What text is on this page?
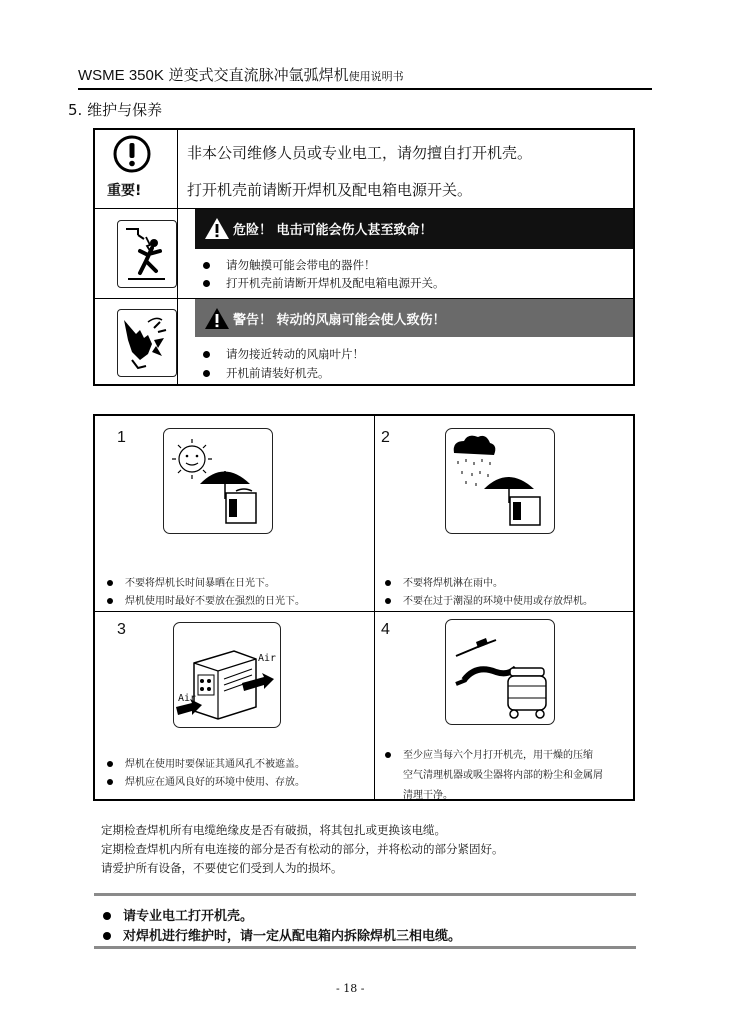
WSME 350K 逆变式交直流脉冲氩弧焊机使用说明书
5. 维护与保养
重要!
非本公司维修人员或专业电工，请勿擅自打开机壳。
打开机壳前请断开焊机及配电箱电源开关。
危险！ 电击可能会伤人甚至致命！
请勿触摸可能会带电的器件！
打开机壳前请断开焊机及配电箱电源开关。
警告！ 转动的风扇可能会使人致伤！
请勿接近转动的风扇叶片！
开机前请装好机壳。
1
不要将焊机长时间暴晒在日光下。
焊机使用时最好不要放在强烈的日光下。
2
不要将焊机淋在雨中。
不要在过于潮湿的环境中使用或存放焊机。
3
Air
Air
焊机在使用时要保证其通风孔不被遮盖。
焊机应在通风良好的环境中使用、存放。
4
至少应当每六个月打开机壳，用干燥的压缩
空气清理机器或吸尘器将内部的粉尘和金属屑
清理干净。
定期检查焊机所有电缆绝缘皮是否有破损，将其包扎或更换该电缆。
定期检查焊机内所有电连接的部分是否有松动的部分，并将松动的部分紧固好。
请爱护所有设备，不要使它们受到人为的损坏。
请专业电工打开机壳。
对焊机进行维护时，请一定从配电箱内拆除焊机三相电缆。
- 18 -
